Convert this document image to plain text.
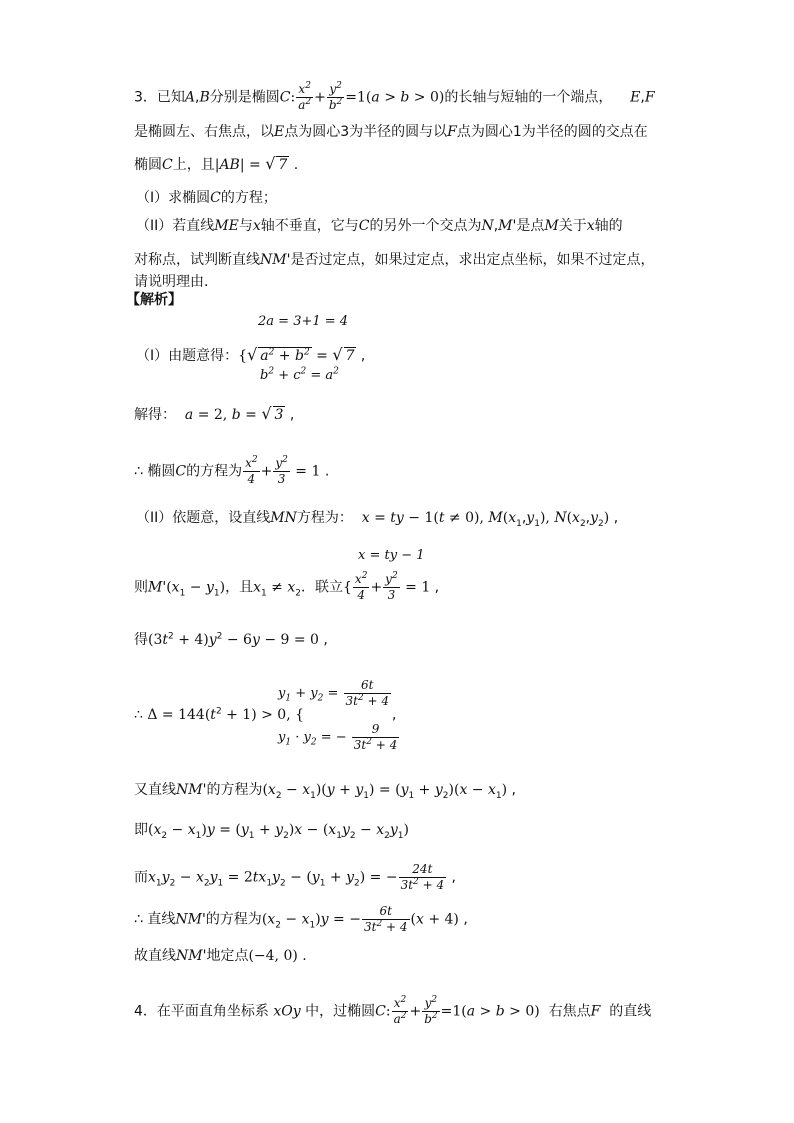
3．已知A,B分别是椭圆C: $\frac{x^2}{a^2} + \frac{y^2}{b^2} =1(a > b > 0)$的长轴与短轴的一个端点， E,F
是椭圆左、右焦点，以E点为圆心3为半径的圆与以F点为圆心1为半径的圆的交点在
椭圆C上，且|AB| = √ 7 .
（I）求椭圆C的方程；
（II）若直线ME与x轴不垂直，它与C的另外一个交点为N,M'是点M关于x轴的
对称点，试判断直线NM'是否过定点，如果过定点，求出定点坐标，如果不过定点，
请说明理由.
【解析】
2a = 3+1 = 4
（I）由题意得：{√ $a^2 + b^2$ = √ 7 ,
$b^2 + c^2 = a^2$
解得： a = 2, b = √ 3 ,
∴ 椭圆C的方程为 $\frac{x^2}{4} + \frac{y^2}{3} = 1$ .
（II）依题意，设直线MN方程为： x = ty − 1(t ≠ 0), $M(x_1,y_1)$, $N(x_2,y_2)$ ,
x = ty − 1
则$M'(x_1 - y_1)$，且$x_1 \ne x_2$．联立{ $\frac{x^2}{4} + \frac{y^2}{3} = 1$ ,
得$(3t^2 + 4)y^2 - 6y - 9 = 0$ ,
∴ $\Delta = 144(t^2 + 1) > 0$, {
$y_1 + y_2 = \frac{6t}{3t^2 + 4}$
$y_1 \cdot y_2$ = − $\frac{9}{3t^2 + 4}$
,
又直线NM'的方程为$(x_2 - x_1)(y + y_1) = (y_1 + y_2)(x - x_1)$ ,
即$(x_2 - x_1)y = (y_1 + y_2)x - (x_1y_2 - x_2y_1)$
而$x_1y_2 - x_2y_1 = 2tx_1y_2 - (y_1 + y_2)$ = − $\frac{24t}{3t^2 + 4}$ ,
∴ 直线NM'的方程为$(x_2 - x_1)y$ = − $\frac{6t}{3t^2 + 4} (x + 4)$ ,
故直线NM'地定点(−4, 0) .
4．在平面直角坐标系 xOy 中，过椭圆C: $\frac{x^2}{a^2} + \frac{y^2}{b^2} =1(a > b > 0)$ 右焦点F 的直线
